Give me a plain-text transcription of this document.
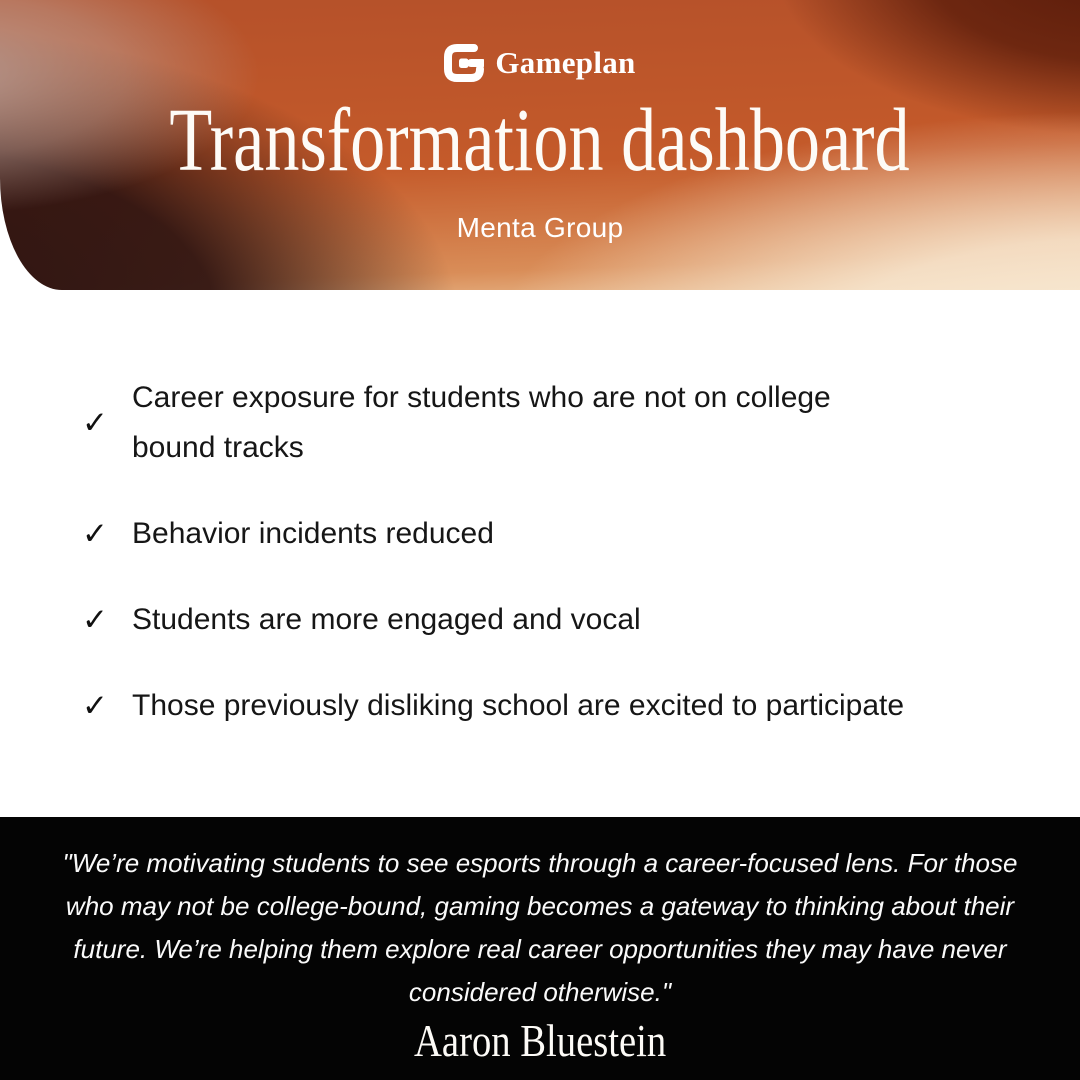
Gameplan
Transformation dashboard
Menta Group
✓
Career exposure for students who are not on college bound tracks
✓ Behavior incidents reduced
✓ Students are more engaged and vocal
✓ Those previously disliking school are excited to participate
"We’re motivating students to see esports through a career-focused lens. For those
who may not be college-bound, gaming becomes a gateway to thinking about their
future. We’re helping them explore real career opportunities they may have never
considered otherwise."
Aaron Bluestein
